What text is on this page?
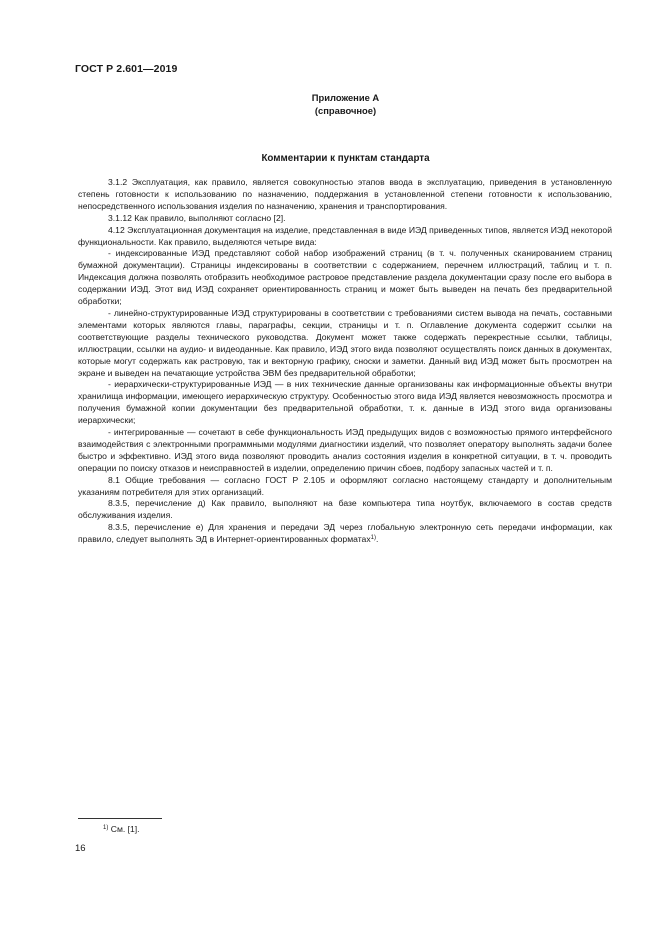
ГОСТ Р 2.601—2019
Приложение А
(справочное)
Комментарии к пунктам стандарта

3.1.2 Эксплуатация, как правило, является совокупностью этапов ввода в эксплуатацию, приведения в установленную степень готовности к использованию по назначению, поддержания в установленной степени готовности к использованию, непосредственного использования изделия по назначению, хранения и транспортирования.

3.1.12 Как правило, выполняют согласно [2].

4.12 Эксплуатационная документация на изделие, представленная в виде ИЭД приведенных типов, является ИЭД некоторой функциональности. Как правило, выделяются четыре вида:

- индексированные ИЭД представляют собой набор изображений страниц (в т. ч. полученных сканированием страниц бумажной документации). Страницы индексированы в соответствии с содержанием, перечнем иллюстраций, таблиц и т. п. Индексация должна позволять отобразить необходимое растровое представление раздела документации сразу после его выбора в содержании ИЭД. Этот вид ИЭД сохраняет ориентированность страниц и может быть выведен на печать без предварительной обработки;

- линейно-структурированные ИЭД структурированы в соответствии с требованиями систем вывода на печать, составными элементами которых являются главы, параграфы, секции, страницы и т. п. Оглавление документа содержит ссылки на соответствующие разделы технического руководства. Документ может также содержать перекрестные ссылки, таблицы, иллюстрации, ссылки на аудио- и видеоданные. Как правило, ИЭД этого вида позволяют осуществлять поиск данных в документах, которые могут содержать как растровую, так и векторную графику, сноски и заметки. Данный вид ИЭД может быть просмотрен на экране и выведен на печатающие устройства ЭВМ без предварительной обработки;

- иерархически-структурированные ИЭД — в них технические данные организованы как информационные объекты внутри хранилища информации, имеющего иерархическую структуру. Особенностью этого вида ИЭД является невозможность просмотра и получения бумажной копии документации без предварительной обработки, т. к. данные в ИЭД этого вида организованы иерархически;

- интегрированные — сочетают в себе функциональность ИЭД предыдущих видов с возможностью прямого интерфейсного взаимодействия с электронными программными модулями диагностики изделий, что позволяет оператору выполнять задачи более быстро и эффективно. ИЭД этого вида позволяют проводить анализ состояния изделия в конкретной ситуации, в т. ч. проводить операции по поиску отказов и неисправностей в изделии, определению причин сбоев, подбору запасных частей и т. п.

8.1 Общие требования — согласно ГОСТ Р 2.105 и оформляют согласно настоящему стандарту и дополнительным указаниям потребителя для этих организаций.

8.3.5, перечисление д) Как правило, выполняют на базе компьютера типа ноутбук, включаемого в состав средств обслуживания изделия.

8.3.5, перечисление е) Для хранения и передачи ЭД через глобальную электронную сеть передачи информации, как правило, следует выполнять ЭД в Интернет-ориентированных форматах$^{1)}$.

$^{1)}$ См. [1].
16
